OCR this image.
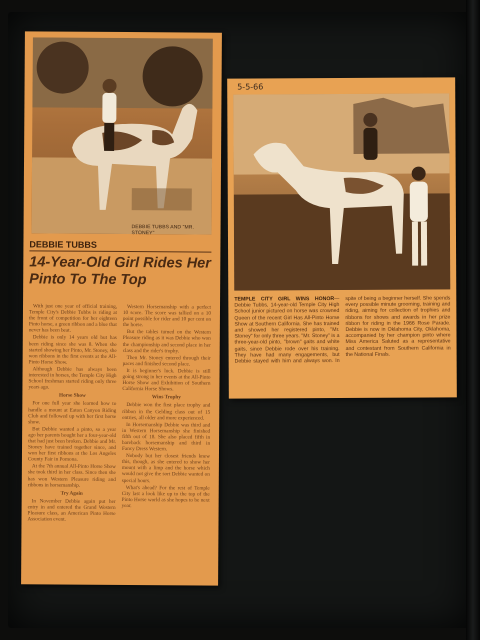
DEBBIE TUBBS AND "MR. STONEY"
DEBBIE TUBBS
14-Year-Old Girl Rides Her Pinto To The Top

With just one year of official training, Temple City's Debbie Tubbs is riding at the front of competition for her eighteen Pinto horse, a green ribbon and a blue that never has been beat.

Debbie is only 14 years old but has been riding since she was 8. When she started showing her Pinto, Mr. Stoney, she won ribbons in the first events at the All-Pinto Horse Show.

Although Debbie has always been interested in horses, the Temple City High School freshman started riding only three years ago.

Horse Show

For one full year she learned how to handle a mount at Eaton Canyon Riding Club and followed up with her first horse show.

But Debbie wanted a pinto, so a year ago her parents bought her a four-year-old that had just been broken. Debbie and Mr. Stoney have trained together since, and won her first ribbons at the Los Angeles County Fair in Pomona.

At the 7th annual All-Pinto Horse Show she took third in her class. Since then she has won Western Pleasure riding and ribbons in horsemanship.

Try Again

In November Debbie again put her entry in and entered the Grand Western Pleasure class, an American Pinto Horse Association event.

Western Horsemanship with a perfect 10 score. The score was tallied on a 10 point possible for rider and 10 per cent on the horse.

But the tables turned on the Western Pleasure riding as it was Debbie who won the championship and second place in her class and the rider's trophy.

Then Mr. Stoney entered through their paces and finished second place.

It is beginner's luck. Debbie is still going strong in her events at the All-Pinto Horse Show and Exhibition of Southern California Horse Shows.

Wins Trophy

Debbie won the first place trophy and ribbon in the Gelding class out of 15 entries, all older and more experienced.

In Horsemanship Debbie was third and in Western Horsemanship she finished fifth out of 18. She also placed fifth in bareback horsemanship and third in Fancy Dress Western.

Nobody but her closest friends knew this, though, as she entered to show her mount with a limp and the horse which would not give the sort Debbie wanted on special hours.

What's ahead? For the rest of Temple City last a look like up to the top of the Pinto Horse world as she hopes to be next year.

5-5-66
TEMPLE CITY GIRL WINS HONOR—Debbie Tubbs, 14-year-old Temple City High School junior pictured on horse was crowned Queen of the recent Girl Has All-Pinto Horse Show at Southern California. She has trained and showed her registered pinto, "Mr. Stoney" for only three years. "Mr. Stoney" is a three-year-old pinto, "brown" gaits and white gaits, since Debbie rode over his training. They have had many engagements, but Debbie stayed with him and always won. In spite of being a beginner herself. She spends every possible minute grooming, training and riding, aiming for collection of trophies and ribbons for shows and awards in her prize ribbon for riding in the 1966 Rose Parade. Debbie is now in Oklahoma City, Oklahoma, accompanied by her champion pinto where Miss America Saluted as a representative and contestant from Southern California in the National Finals.
